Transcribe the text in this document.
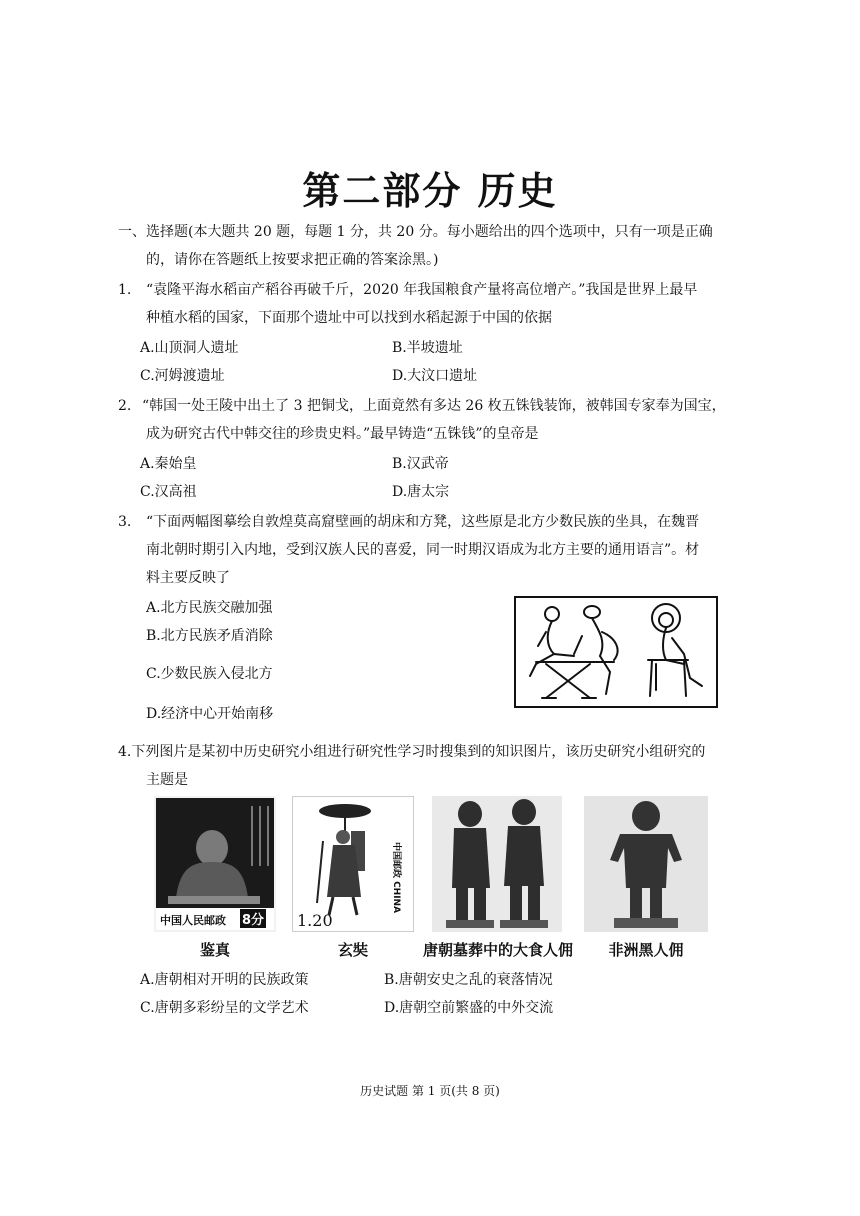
第二部分 历史
一、选择题(本大题共 20 题，每题 1 分，共 20 分。每小题给出的四个选项中，只有一项是正确
的，请你在答题纸上按要求把正确的答案涂黑。)
1. “袁隆平海水稻亩产稻谷再破千斤，2020 年我国粮食产量将高位增产。”我国是世界上最早
种植水稻的国家，下面那个遗址中可以找到水稻起源于中国的依据
A.山顶洞人遗址	B.半坡遗址
C.河姆渡遗址	D.大汶口遗址
2. “韩国一处王陵中出土了 3 把铜戈，上面竟然有多达 26 枚五铢钱装饰，被韩国专家奉为国宝，
成为研究古代中韩交往的珍贵史料。”最早铸造“五铢钱”的皇帝是
A.秦始皇	B.汉武帝
C.汉高祖	D.唐太宗
3. “下面两幅图摹绘自敦煌莫高窟壁画的胡床和方凳，这些原是北方少数民族的坐具，在魏晋
南北朝时期引入内地，受到汉族人民的喜爱，同一时期汉语成为北方主要的通用语言”。材
料主要反映了
A.北方民族交融加强
B.北方民族矛盾消除
C.少数民族入侵北方
D.经济中心开始南移
4.下列图片是某初中历史研究小组进行研究性学习时搜集到的知识图片，该历史研究小组研究的
主题是
中国人民邮政 8分 1.20
中国邮政 CHINA
鉴真	玄奘	唐朝墓葬中的大食人佣	非洲黑人佣
A.唐朝相对开明的民族政策	B.唐朝安史之乱的衰落情况
C.唐朝多彩纷呈的文学艺术	D.唐朝空前繁盛的中外交流
历史试题 第 1 页(共 8 页)
